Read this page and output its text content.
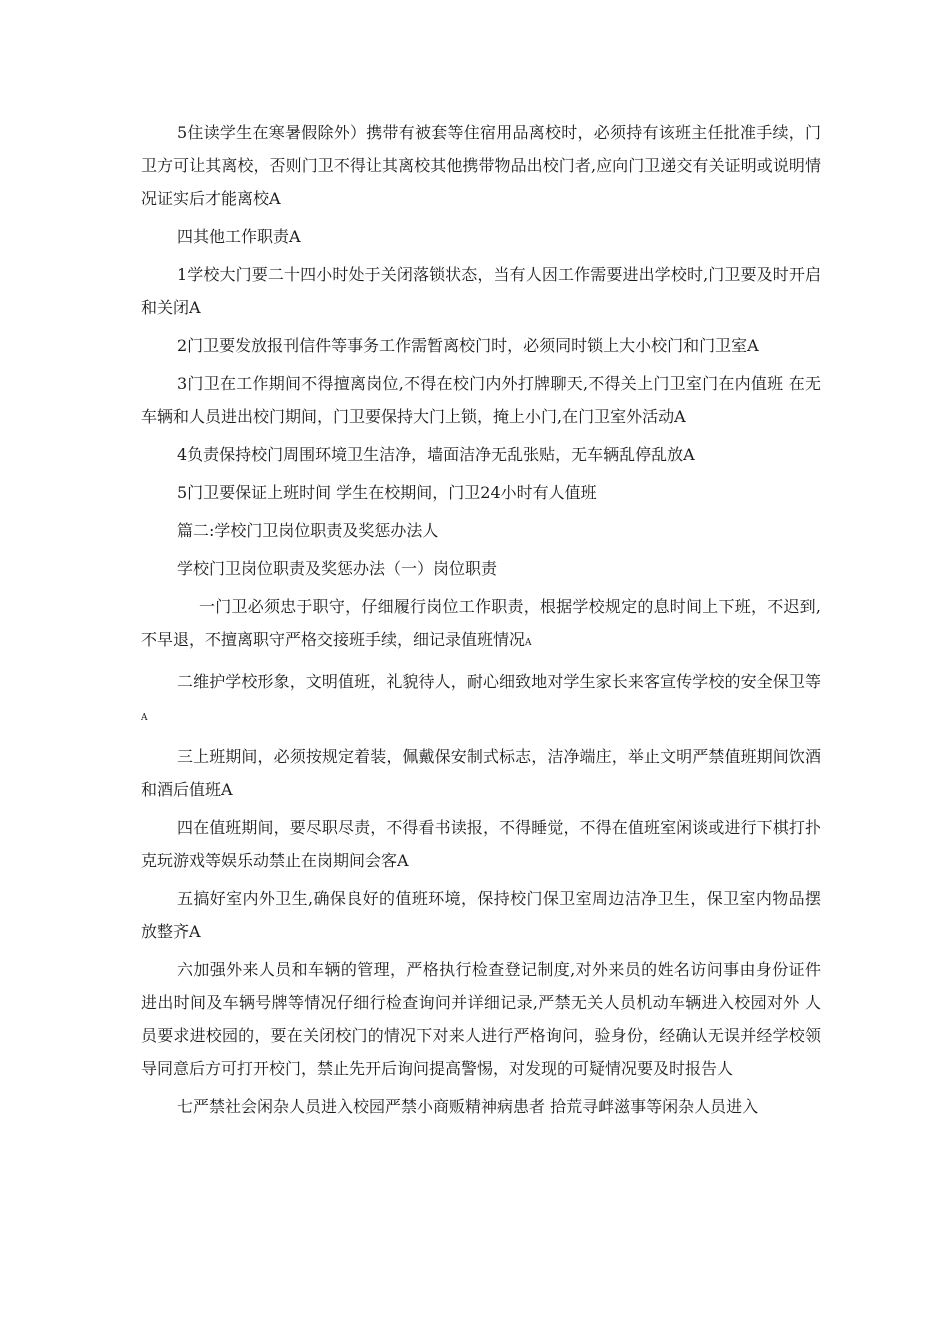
5住读学生在寒暑假除外）携带有被套等住宿用品离校时，必须持有该班主任批准手续，门卫方可让其离校，否则门卫不得让其离校其他携带物品出校门者,应向门卫递交有关证明或说明情况证实后才能离校A

四其他工作职责A

1学校大门要二十四小时处于关闭落锁状态，当有人因工作需要进出学校时,门卫要及时开启和关闭A

2门卫要发放报刊信件等事务工作需暂离校门时，必须同时锁上大小校门和门卫室A

3门卫在工作期间不得擅离岗位,不得在校门内外打牌聊天,不得关上门卫室门在内值班 在无车辆和人员进出校门期间，门卫要保持大门上锁，掩上小门,在门卫室外活动A

4负责保持校门周围环境卫生洁净，墙面洁净无乱张贴，无车辆乱停乱放A

5门卫要保证上班时间 学生在校期间，门卫24小时有人值班

篇二:学校门卫岗位职责及奖惩办法人

学校门卫岗位职责及奖惩办法（一）岗位职责

一门卫必须忠于职守，仔细履行岗位工作职责，根据学校规定的息时间上下班，不迟到,不早退，不擅离职守严格交接班手续，细记录值班情况A

二维护学校形象，文明值班，礼貌待人，耐心细致地对学生家长来客宣传学校的安全保卫等A

三上班期间，必须按规定着装，佩戴保安制式标志，洁净端庄，举止文明严禁值班期间饮酒和酒后值班A

四在值班期间，要尽职尽责，不得看书读报，不得睡觉，不得在值班室闲谈或进行下棋打扑克玩游戏等娱乐动禁止在岗期间会客A

五搞好室内外卫生,确保良好的值班环境，保持校门保卫室周边洁净卫生，保卫室内物品摆放整齐A

六加强外来人员和车辆的管理，严格执行检查登记制度,对外来员的姓名访问事由身份证件进出时间及车辆号牌等情况仔细行检查询问并详细记录,严禁无关人员机动车辆进入校园对外 人员要求进校园的，要在关闭校门的情况下对来人进行严格询问，验身份，经确认无误并经学校领导同意后方可打开校门，禁止先开后询问提高警惕，对发现的可疑情况要及时报告人

七严禁社会闲杂人员进入校园严禁小商贩精神病患者 拾荒寻衅滋事等闲杂人员进入
